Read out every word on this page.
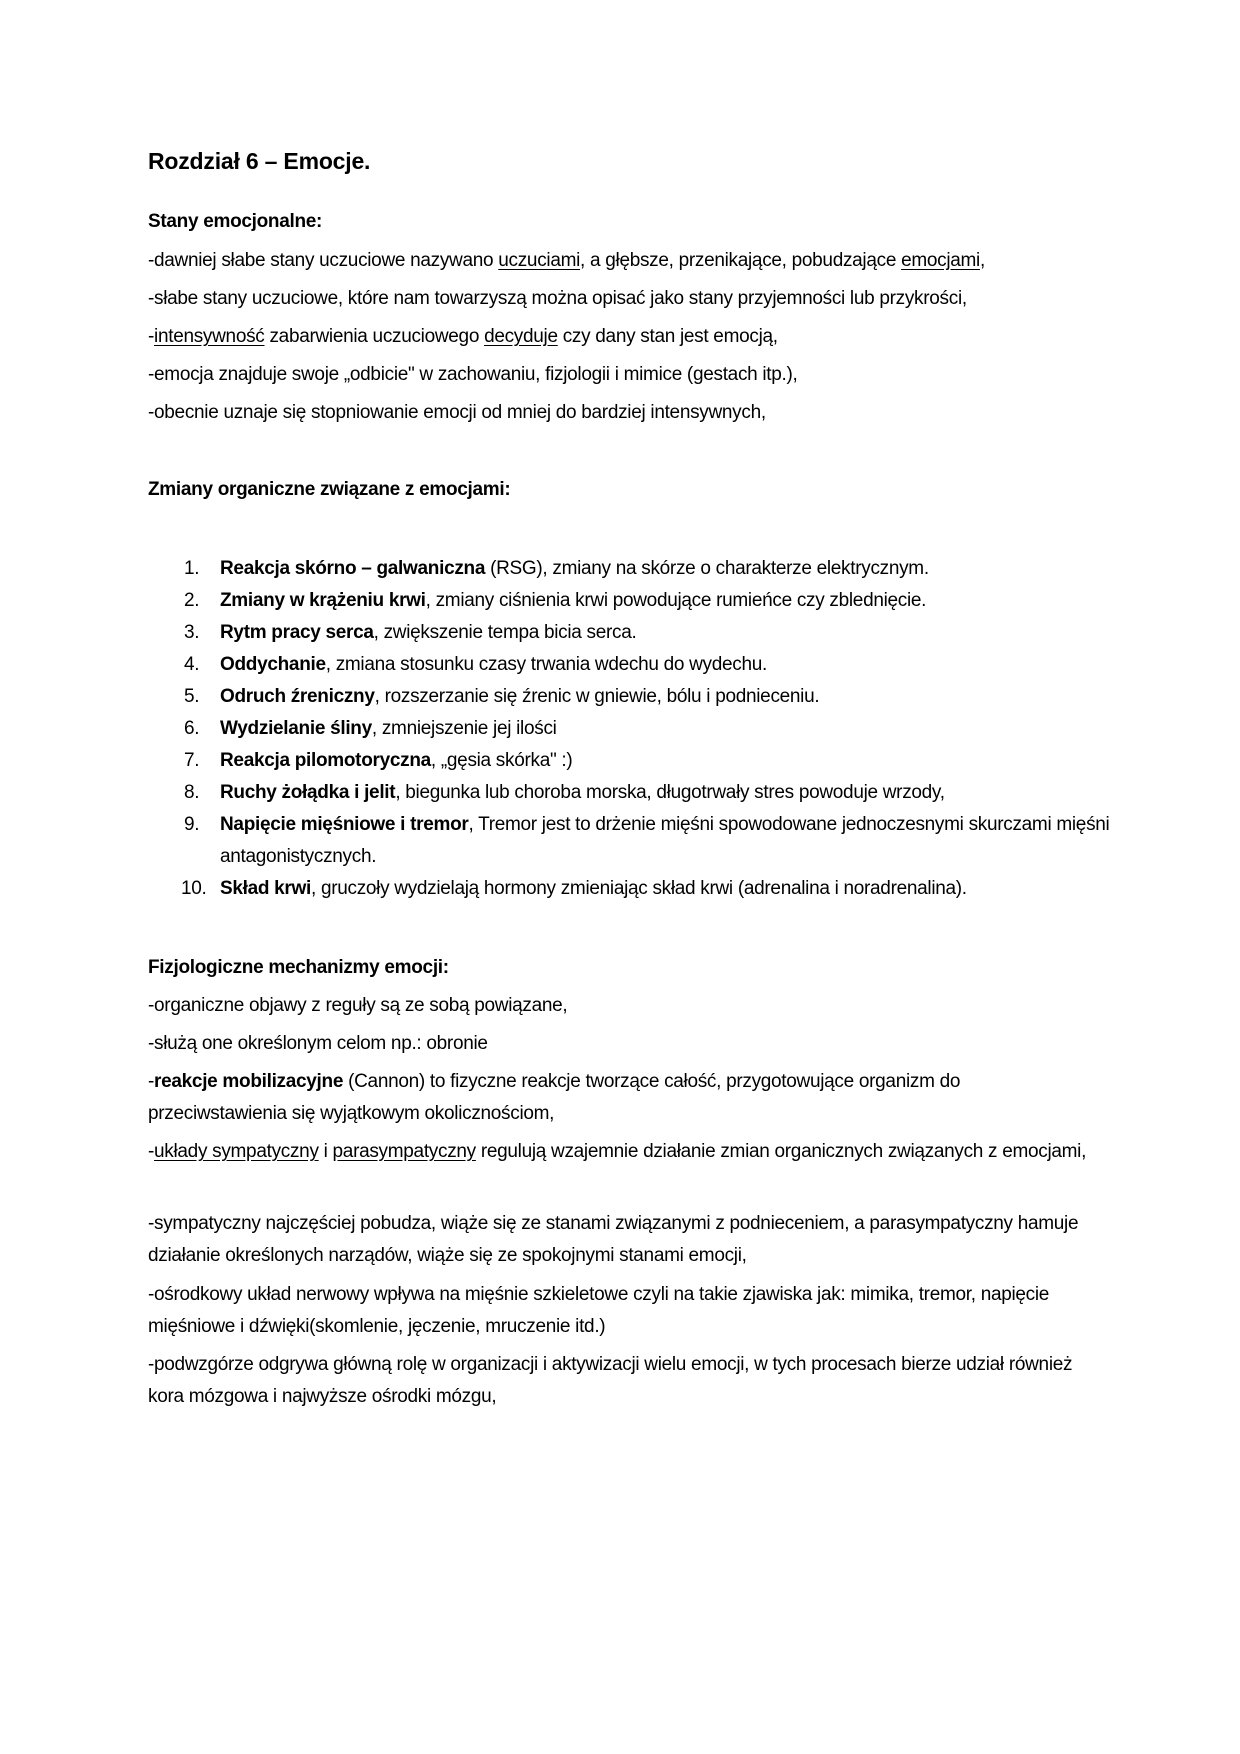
Rozdział 6 – Emocje.

Stany emocjonalne:

-dawniej słabe stany uczuciowe nazywano uczuciami, a głębsze, przenikające, pobudzające emocjami,

-słabe stany uczuciowe, które nam towarzyszą można opisać jako stany przyjemności lub przykrości,

-intensywność zabarwienia uczuciowego decyduje czy dany stan jest emocją,

-emocja znajduje swoje „odbicie" w zachowaniu, fizjologii i mimice (gestach itp.),

-obecnie uznaje się stopniowanie emocji od mniej do bardziej intensywnych,

Zmiany organiczne związane z emocjami:

1. Reakcja skórno – galwaniczna (RSG), zmiany na skórze o charakterze elektrycznym.
2. Zmiany w krążeniu krwi, zmiany ciśnienia krwi powodujące rumieńce czy zblednięcie.
3. Rytm pracy serca, zwiększenie tempa bicia serca.
4. Oddychanie, zmiana stosunku czasy trwania wdechu do wydechu.
5. Odruch źreniczny, rozszerzanie się źrenic w gniewie, bólu i podnieceniu.
6. Wydzielanie śliny, zmniejszenie jej ilości
7. Reakcja pilomotoryczna, „gęsia skórka" :)
8. Ruchy żołądka i jelit, biegunka lub choroba morska, długotrwały stres powoduje wrzody,
9. Napięcie mięśniowe i tremor, Tremor jest to drżenie mięśni spowodowane jednoczesnymi skurczami mięśni antagonistycznych.
10. Skład krwi, gruczoły wydzielają hormony zmieniając skład krwi (adrenalina i noradrenalina).

Fizjologiczne mechanizmy emocji:

-organiczne objawy z reguły są ze sobą powiązane,

-służą one określonym celom np.: obronie

-reakcje mobilizacyjne (Cannon) to fizyczne reakcje tworzące całość, przygotowujące organizm do przeciwstawienia się wyjątkowym okolicznościom,

-układy sympatyczny i parasympatyczny regulują wzajemnie działanie zmian organicznych związanych z emocjami,

-sympatyczny najczęściej pobudza, wiąże się ze stanami związanymi z podnieceniem, a parasympatyczny hamuje działanie określonych narządów, wiąże się ze spokojnymi stanami emocji,

-ośrodkowy układ nerwowy wpływa na mięśnie szkieletowe czyli na takie zjawiska jak: mimika, tremor, napięcie mięśniowe i dźwięki(skomlenie, jęczenie, mruczenie itd.)

-podwzgórze odgrywa główną rolę w organizacji i aktywizacji wielu emocji, w tych procesach bierze udział również kora mózgowa i najwyższe ośrodki mózgu,
